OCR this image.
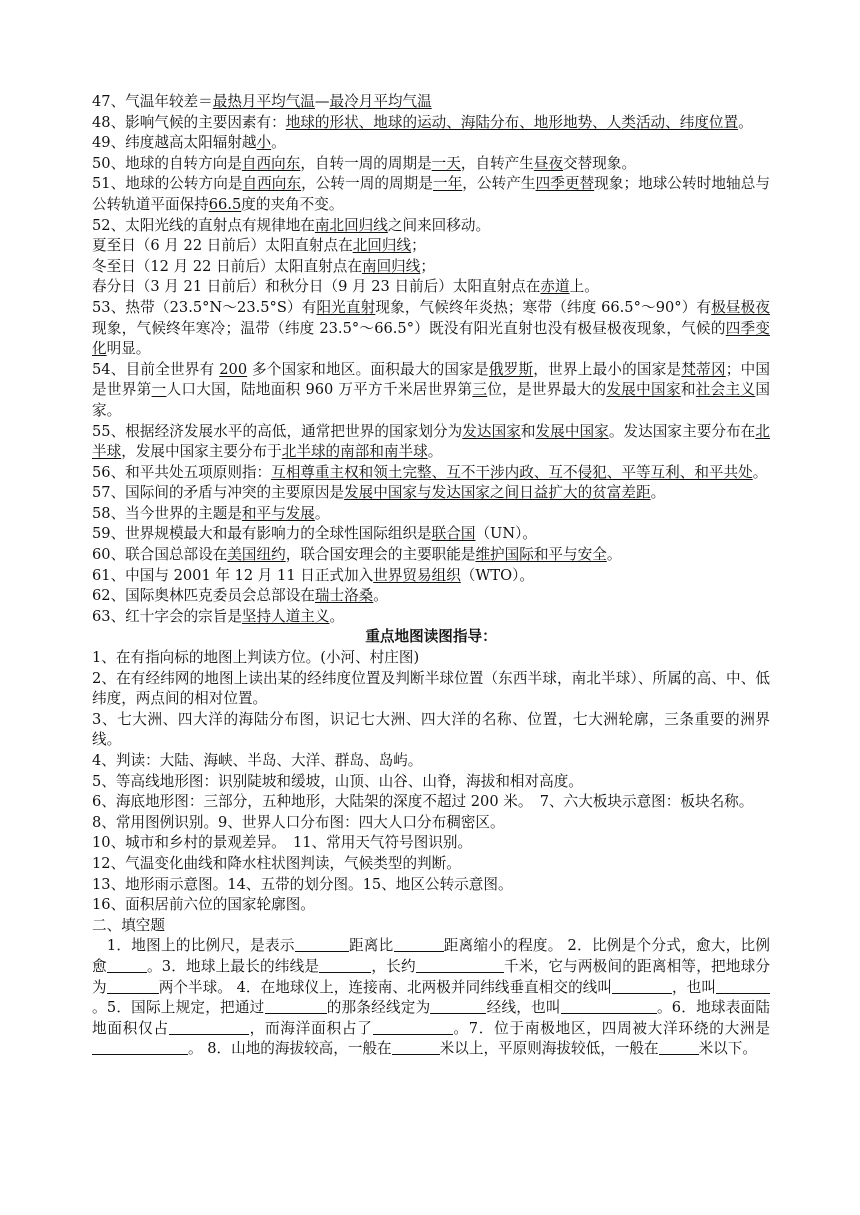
47、气温年较差＝最热月平均气温—最冷月平均气温

48、影响气候的主要因素有：地球的形状、地球的运动、海陆分布、地形地势、人类活动、纬度位置。

49、纬度越高太阳辐射越小。

50、地球的自转方向是自西向东，自转一周的周期是一天，自转产生昼夜交替现象。

51、地球的公转方向是自西向东，公转一周的周期是一年，公转产生四季更替现象；地球公转时地轴总与公转轨道平面保持66.5度的夹角不变。

52、太阳光线的直射点有规律地在南北回归线之间来回移动。

夏至日（6 月 22 日前后）太阳直射点在北回归线；

冬至日（12 月 22 日前后）太阳直射点在南回归线；

春分日（3 月 21 日前后）和秋分日（9 月 23 日前后）太阳直射点在赤道上。

53、热带（23.5°N～23.5°S）有阳光直射现象，气候终年炎热；寒带（纬度 66.5°～90°）有极昼极夜现象，气候终年寒冷；温带（纬度 23.5°～66.5°）既没有阳光直射也没有极昼极夜现象，气候的四季变化明显。

54、目前全世界有 200 多个国家和地区。面积最大的国家是俄罗斯，世界上最小的国家是梵蒂冈；中国是世界第一人口大国，陆地面积 960 万平方千米居世界第三位，是世界最大的发展中国家和社会主义国家。

55、根据经济发展水平的高低，通常把世界的国家划分为发达国家和发展中国家。发达国家主要分布在北半球，发展中国家主要分布于北半球的南部和南半球。

56、和平共处五项原则指：互相尊重主权和领土完整、互不干涉内政、互不侵犯、平等互利、和平共处。

57、国际间的矛盾与冲突的主要原因是发展中国家与发达国家之间日益扩大的贫富差距。

58、当今世界的主题是和平与发展。

59、世界规模最大和最有影响力的全球性国际组织是联合国（UN）。

60、联合国总部设在美国纽约，联合国安理会的主要职能是维护国际和平与安全。

61、中国与 2001 年 12 月 11 日正式加入世界贸易组织（WTO）。

62、国际奥林匹克委员会总部设在瑞士洛桑。

63、红十字会的宗旨是坚持人道主义。

重点地图读图指导：

1、在有指向标的地图上判读方位。(小河、村庄图)

2、在有经纬网的地图上读出某的经纬度位置及判断半球位置（东西半球，南北半球）、所属的高、中、低纬度，两点间的相对位置。

3、七大洲、四大洋的海陆分布图，识记七大洲、四大洋的名称、位置，七大洲轮廓，三条重要的洲界线。

4、判读：大陆、海峡、半岛、大洋、群岛、岛屿。

5、等高线地形图：识别陡坡和缓坡，山顶、山谷、山脊，海拔和相对高度。

6、海底地形图：三部分，五种地形，大陆架的深度不超过 200 米。　7、六大板块示意图：板块名称。

8、常用图例识别。9、世界人口分布图：四大人口分布稠密区。

10、城市和乡村的景观差异。　11、常用天气符号图识别。

12、气温变化曲线和降水柱状图判读，气候类型的判断。

13、地形雨示意图。14、五带的划分图。15、地区公转示意图。

16、面积居前六位的国家轮廓图。

二、填空题

　1．地图上的比例尺，是表示	距离比	距离缩小的程度。 2．比例是个分式，愈大，比例愈	。3．地球上最长的纬线是	，长约	千米，它与两极间的距离相等，把地球分为	两个半球。 4．在地球仪上，连接南、北两极并同纬线垂直相交的线叫	，也叫。5．国际上规定，把通过	的那条经线定为	经线，也叫	。6．地球表面陆地面积仅占	，而海洋面积占了	。7．位于南极地区，四周被大洋环绕的大洲是。 8．山地的海拔较高，一般在	米以上，平原则海拔较低，一般在	米以下。
